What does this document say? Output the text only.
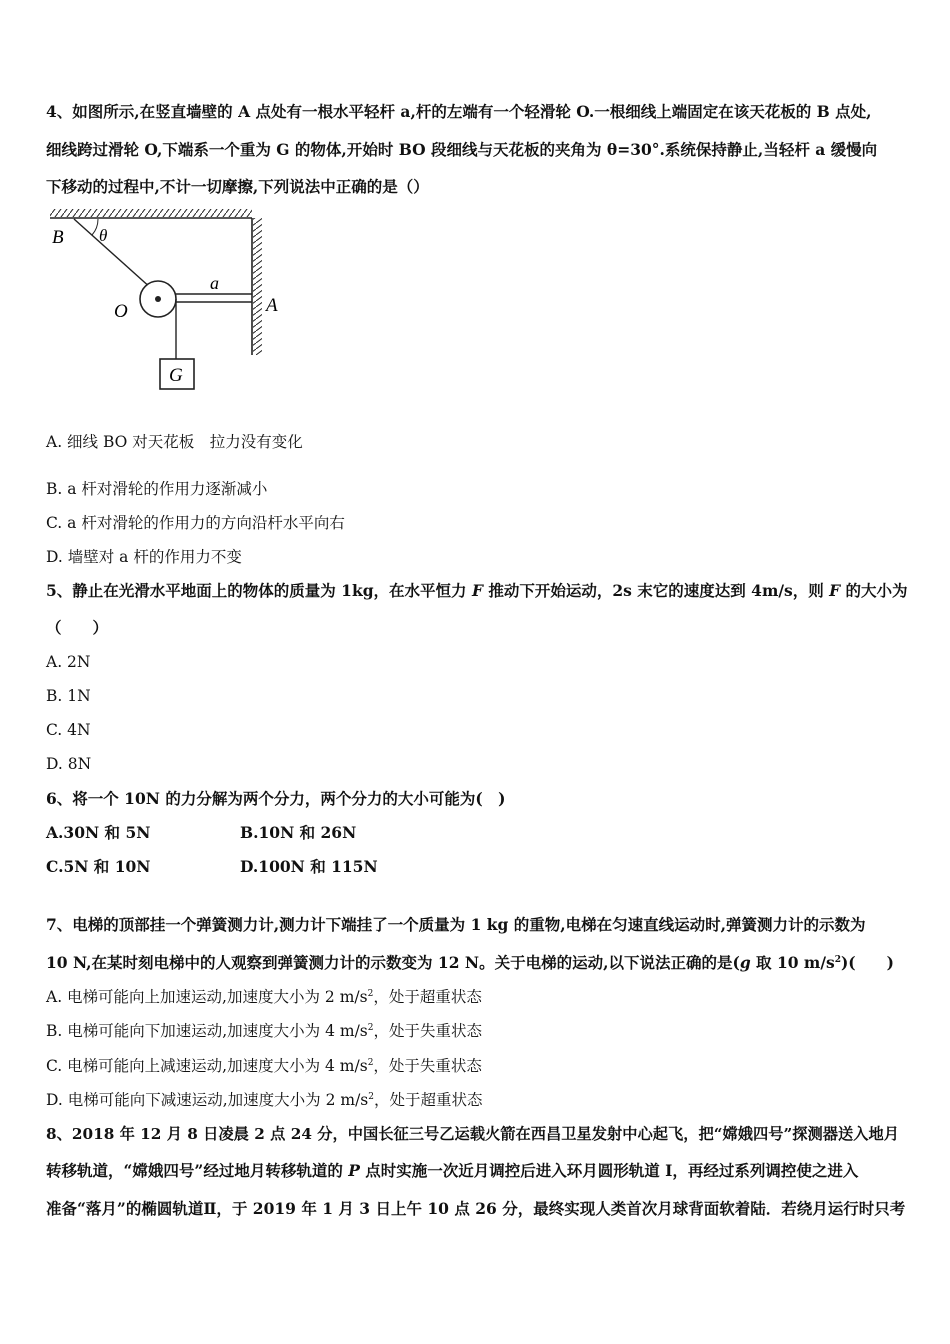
4、如图所示,在竖直墙壁的 A 点处有一根水平轻杆 a,杆的左端有一个轻滑轮 O.一根细线上端固定在该天花板的 B 点处,
细线跨过滑轮 O,下端系一个重为 G 的物体,开始时 BO 段细线与天花板的夹角为 θ=30°.系统保持静止,当轻杆 a 缓慢向
下移动的过程中,不计一切摩擦,下列说法中正确的是（）
B θ
O
a
A
G
A. 细线 BO 对天花板　拉力没有变化
B. a 杆对滑轮的作用力逐渐减小
C. a 杆对滑轮的作用力的方向沿杆水平向右
D. 墙壁对 a 杆的作用力不变
5、静止在光滑水平地面上的物体的质量为 1kg，在水平恒力 F 推动下开始运动，2s 末它的速度达到 4m/s，则 F 的大小为
（　　）
A. 2N
B. 1N
C. 4N
D. 8N
6、将一个 10N 的力分解为两个分力，两个分力的大小可能为(　)
A.30N 和 5N	B.10N 和 26N
C.5N 和 10N	D.100N 和 115N
7、电梯的顶部挂一个弹簧测力计,测力计下端挂了一个质量为 1 kg 的重物,电梯在匀速直线运动时,弹簧测力计的示数为
10 N,在某时刻电梯中的人观察到弹簧测力计的示数变为 12 N。关于电梯的运动,以下说法正确的是(g 取 10 $m/s^2$)(　　)
A. 电梯可能向上加速运动,加速度大小为 2 $m/s^2$，处于超重状态
B. 电梯可能向下加速运动,加速度大小为 4 $m/s^2$，处于失重状态
C. 电梯可能向上减速运动,加速度大小为 4 $m/s^2$，处于失重状态
D. 电梯可能向下减速运动,加速度大小为 2 $m/s^2$，处于超重状态
8、2018 年 12 月 8 日凌晨 2 点 24 分，中国长征三号乙运载火箭在西昌卫星发射中心起飞，把“嫦娥四号”探测器送入地月
转移轨道，“嫦娥四号”经过地月转移轨道的 P 点时实施一次近月调控后进入环月圆形轨道 I，再经过系列调控使之进入
准备“落月”的椭圆轨道Ⅱ，于 2019 年 1 月 3 日上午 10 点 26 分，最终实现人类首次月球背面软着陆．若绕月运行时只考
